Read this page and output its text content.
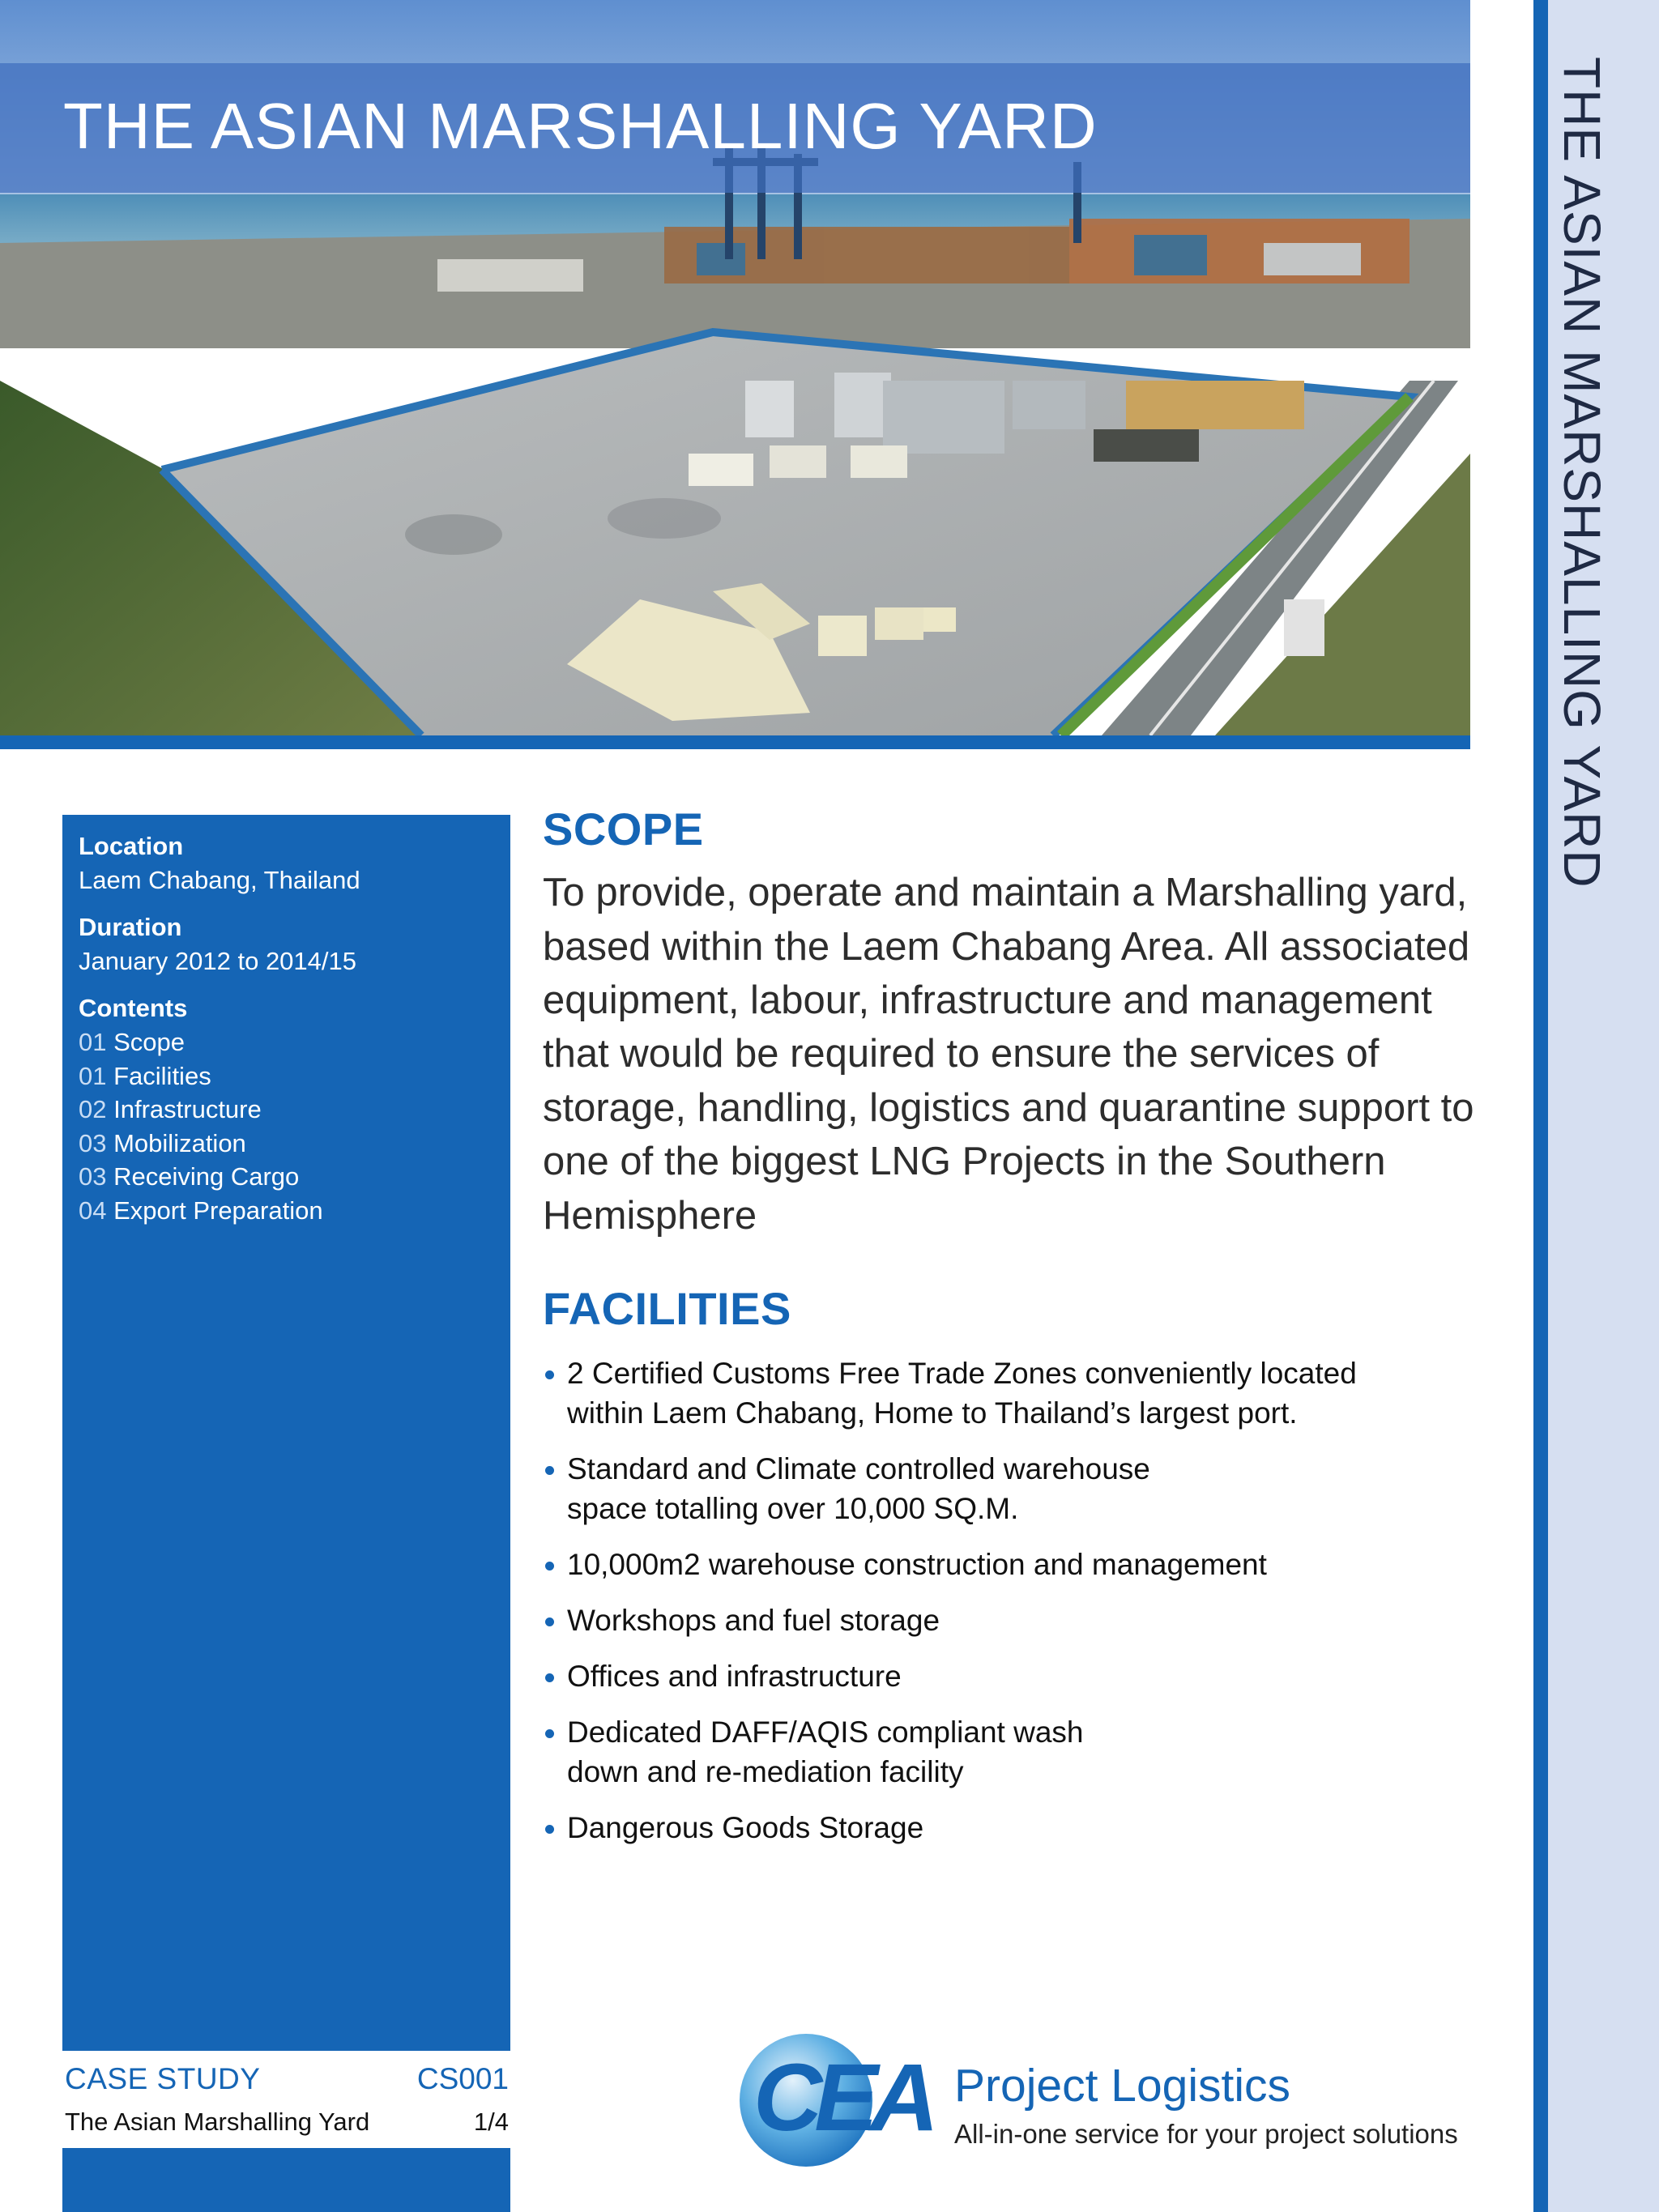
THE ASIAN MARSHALLING YARD	THE ASIAN MARSHALLING YARD
Location
Laem Chabang, Thailand
Duration
January 2012 to 2014/15
Contents
01 Scope
01 Facilities
02 Infrastructure
03 Mobilization
03 Receiving Cargo
04 Export Preparation
CASE STUDY	CS001
The Asian Marshalling Yard	1/4
SCOPE

To provide, operate and maintain a Marshalling yard, based within the Laem Chabang Area. All associated equipment, labour, infrastructure and management that would be required to ensure the services of storage, handling, logistics and quarantine support to one of the biggest LNG Projects in the Southern Hemisphere

FACILITIES
2 Certified Customs Free Trade Zones conveniently located
within Laem Chabang, Home to Thailand’s largest port.
Standard and Climate controlled warehouse
space totalling over 10,000 SQ.M.
10,000m2 warehouse construction and management
Workshops and fuel storage
Offices and infrastructure
Dedicated DAFF/AQIS compliant wash
down and re-mediation facility
Dangerous Goods Storage
CEA Project Logistics
All-in-one service for your project solutions
